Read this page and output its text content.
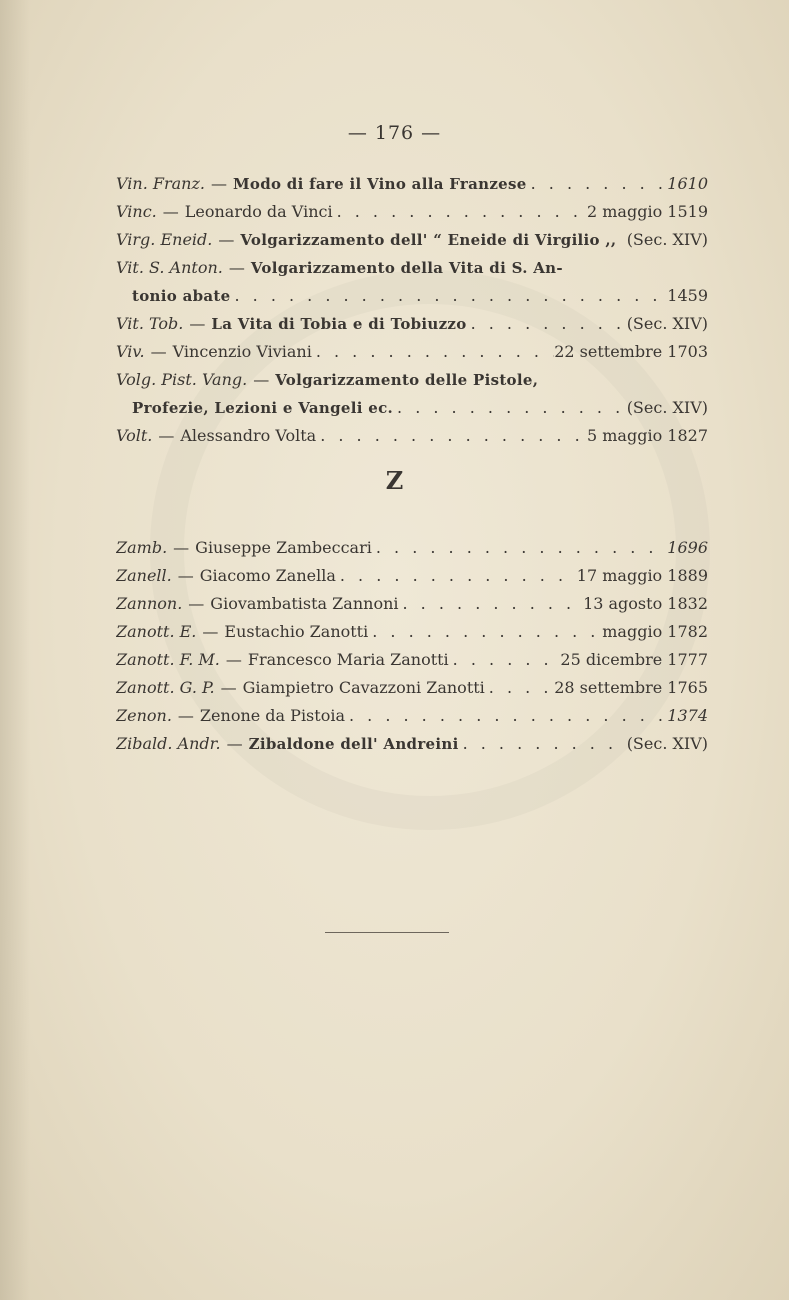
— 176 —
Vin. Franz. — Modo di fare il Vino alla Franzese . . .	1610
Vinc. — Leonardo da Vinci . . .	2 maggio 1519
Virg. Eneid. — Volgarizzamento dell' “ Eneide di Virgilio ,, (Sec. XIV)
Vit. S. Anton. — Volgarizzamento della Vita di S. An-
tonio abate . . .	1459
Vit. Tob. — La Vita di Tobia e di Tobiuzzo . . .	(Sec. XIV)
Viv. — Vincenzio Viviani . . .	22 settembre 1703
Volg. Pist. Vang. — Volgarizzamento delle Pistole,
Profezie, Lezioni e Vangeli ec. . . .	(Sec. XIV)
Volt. — Alessandro Volta . . .	5 maggio 1827
Z
Zamb. — Giuseppe Zambeccari . . .	1696
Zanell. — Giacomo Zanella . . .	17 maggio 1889
Zannon. — Giovambatista Zannoni . . .	13 agosto 1832
Zanott. E. — Eustachio Zanotti . . .	maggio 1782
Zanott. F. M. — Francesco Maria Zanotti . . .	25 dicembre 1777
Zanott. G. P. — Giampietro Cavazzoni Zanotti . . .	28 settembre 1765
Zenon. — Zenone da Pistoia . . .	1374
Zibald. Andr. — Zibaldone dell' Andreini . . .	(Sec. XIV)
